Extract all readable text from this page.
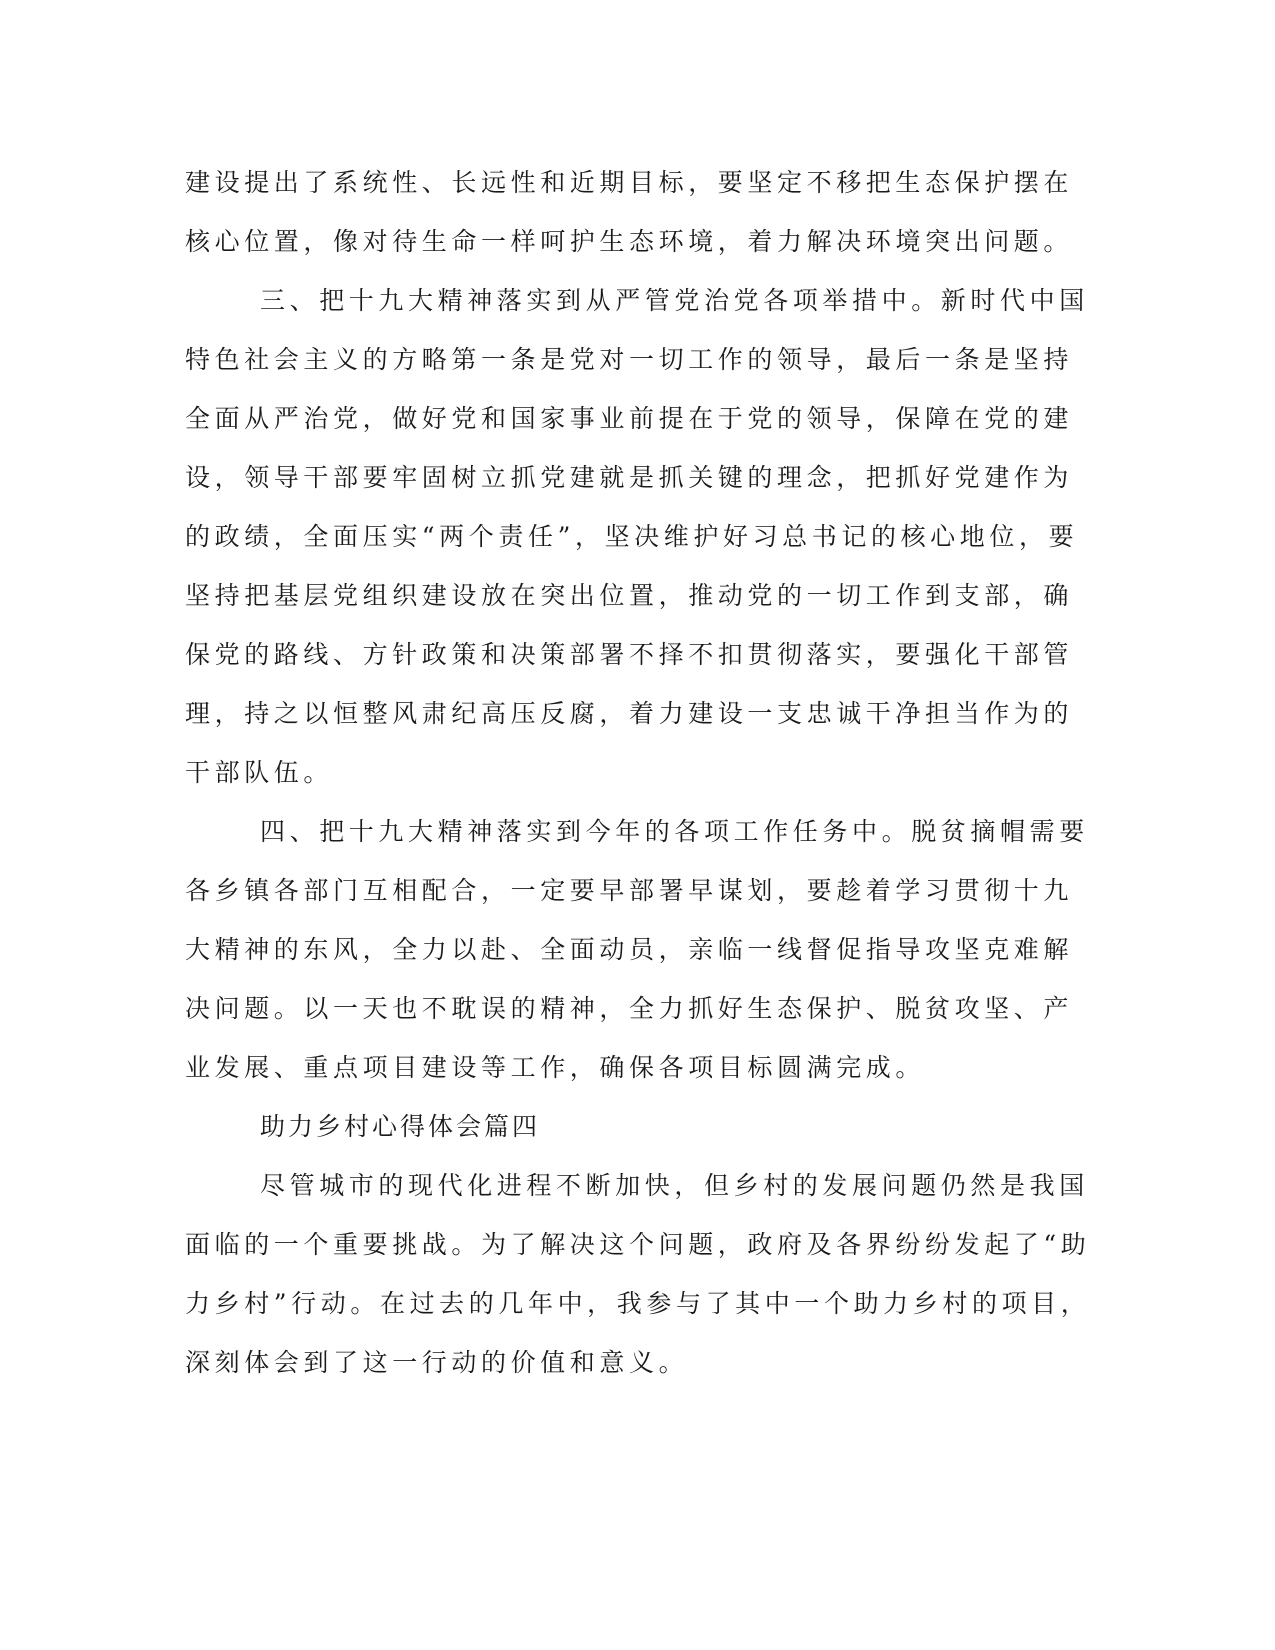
建设提出了系统性、长远性和近期目标，要坚定不移把生态保护摆在
核心位置，像对待生命一样呵护生态环境，着力解决环境突出问题。
三、把十九大精神落实到从严管党治党各项举措中。新时代中国
特色社会主义的方略第一条是党对一切工作的领导，最后一条是坚持
全面从严治党，做好党和国家事业前提在于党的领导，保障在党的建
设，领导干部要牢固树立抓党建就是抓关键的理念，把抓好党建作为
的政绩，全面压实“两个责任”，坚决维护好习总书记的核心地位，要
坚持把基层党组织建设放在突出位置，推动党的一切工作到支部，确
保党的路线、方针政策和决策部署不择不扣贯彻落实，要强化干部管
理，持之以恒整风肃纪高压反腐，着力建设一支忠诚干净担当作为的
干部队伍。
四、把十九大精神落实到今年的各项工作任务中。脱贫摘帽需要
各乡镇各部门互相配合，一定要早部署早谋划，要趁着学习贯彻十九
大精神的东风，全力以赴、全面动员，亲临一线督促指导攻坚克难解
决问题。以一天也不耽误的精神，全力抓好生态保护、脱贫攻坚、产
业发展、重点项目建设等工作，确保各项目标圆满完成。
助力乡村心得体会篇四
尽管城市的现代化进程不断加快，但乡村的发展问题仍然是我国
面临的一个重要挑战。为了解决这个问题，政府及各界纷纷发起了“助
力乡村”行动。在过去的几年中，我参与了其中一个助力乡村的项目，
深刻体会到了这一行动的价值和意义。
